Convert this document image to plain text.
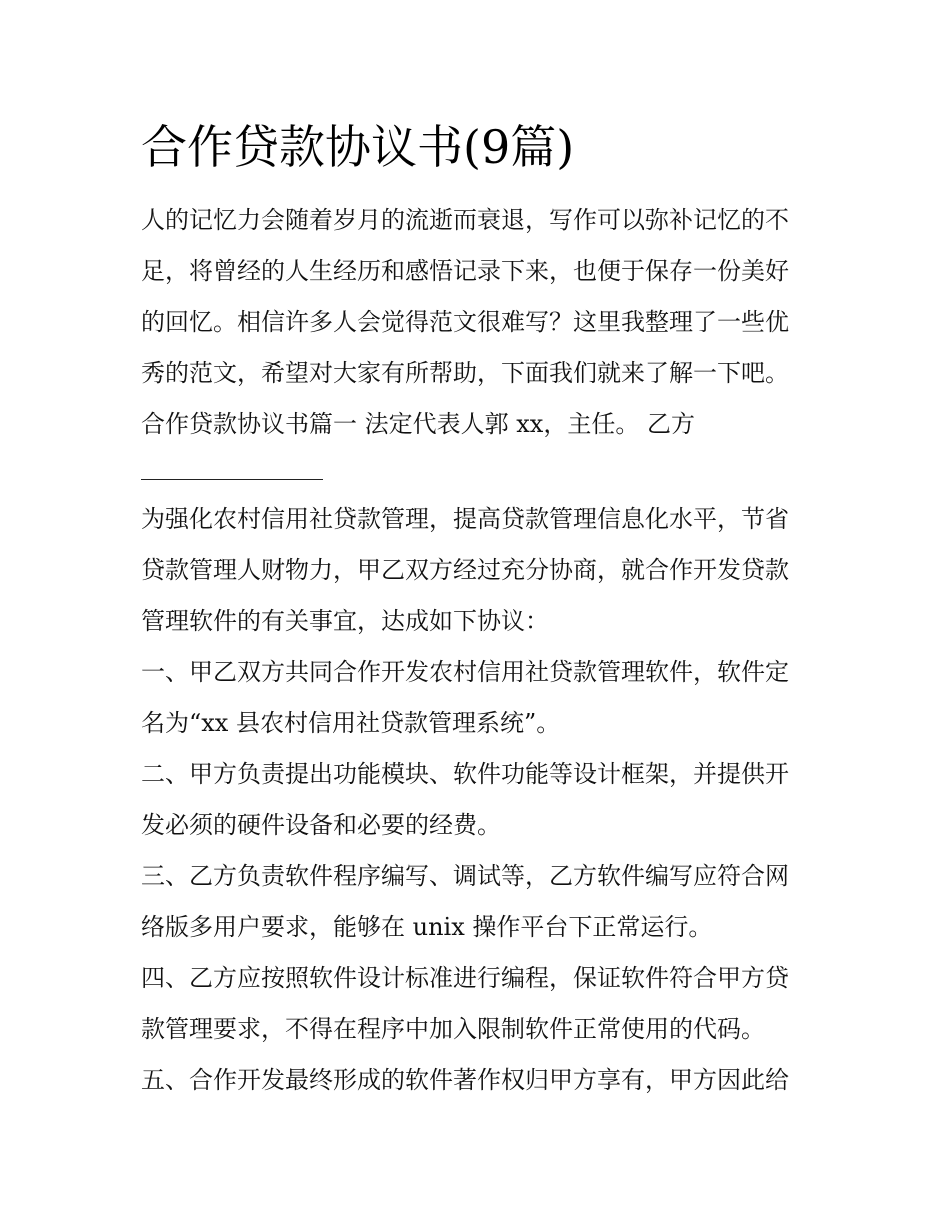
合作贷款协议书(9篇)

人的记忆力会随着岁月的流逝而衰退，写作可以弥补记忆的不

足，将曾经的人生经历和感悟记录下来，也便于保存一份美好

的回忆。相信许多人会觉得范文很难写？这里我整理了一些优

秀的范文，希望对大家有所帮助，下面我们就来了解一下吧。

合作贷款协议书篇一 法定代表人郭 xx，主任。 乙方

为强化农村信用社贷款管理，提高贷款管理信息化水平，节省

贷款管理人财物力，甲乙双方经过充分协商，就合作开发贷款

管理软件的有关事宜，达成如下协议：

一、甲乙双方共同合作开发农村信用社贷款管理软件，软件定

名为“xx 县农村信用社贷款管理系统”。

二、甲方负责提出功能模块、软件功能等设计框架，并提供开

发必须的硬件设备和必要的经费。

三、乙方负责软件程序编写、调试等，乙方软件编写应符合网

络版多用户要求，能够在 unix 操作平台下正常运行。

四、乙方应按照软件设计标准进行编程，保证软件符合甲方贷

款管理要求，不得在程序中加入限制软件正常使用的代码。

五、合作开发最终形成的软件著作权归甲方享有，甲方因此给
